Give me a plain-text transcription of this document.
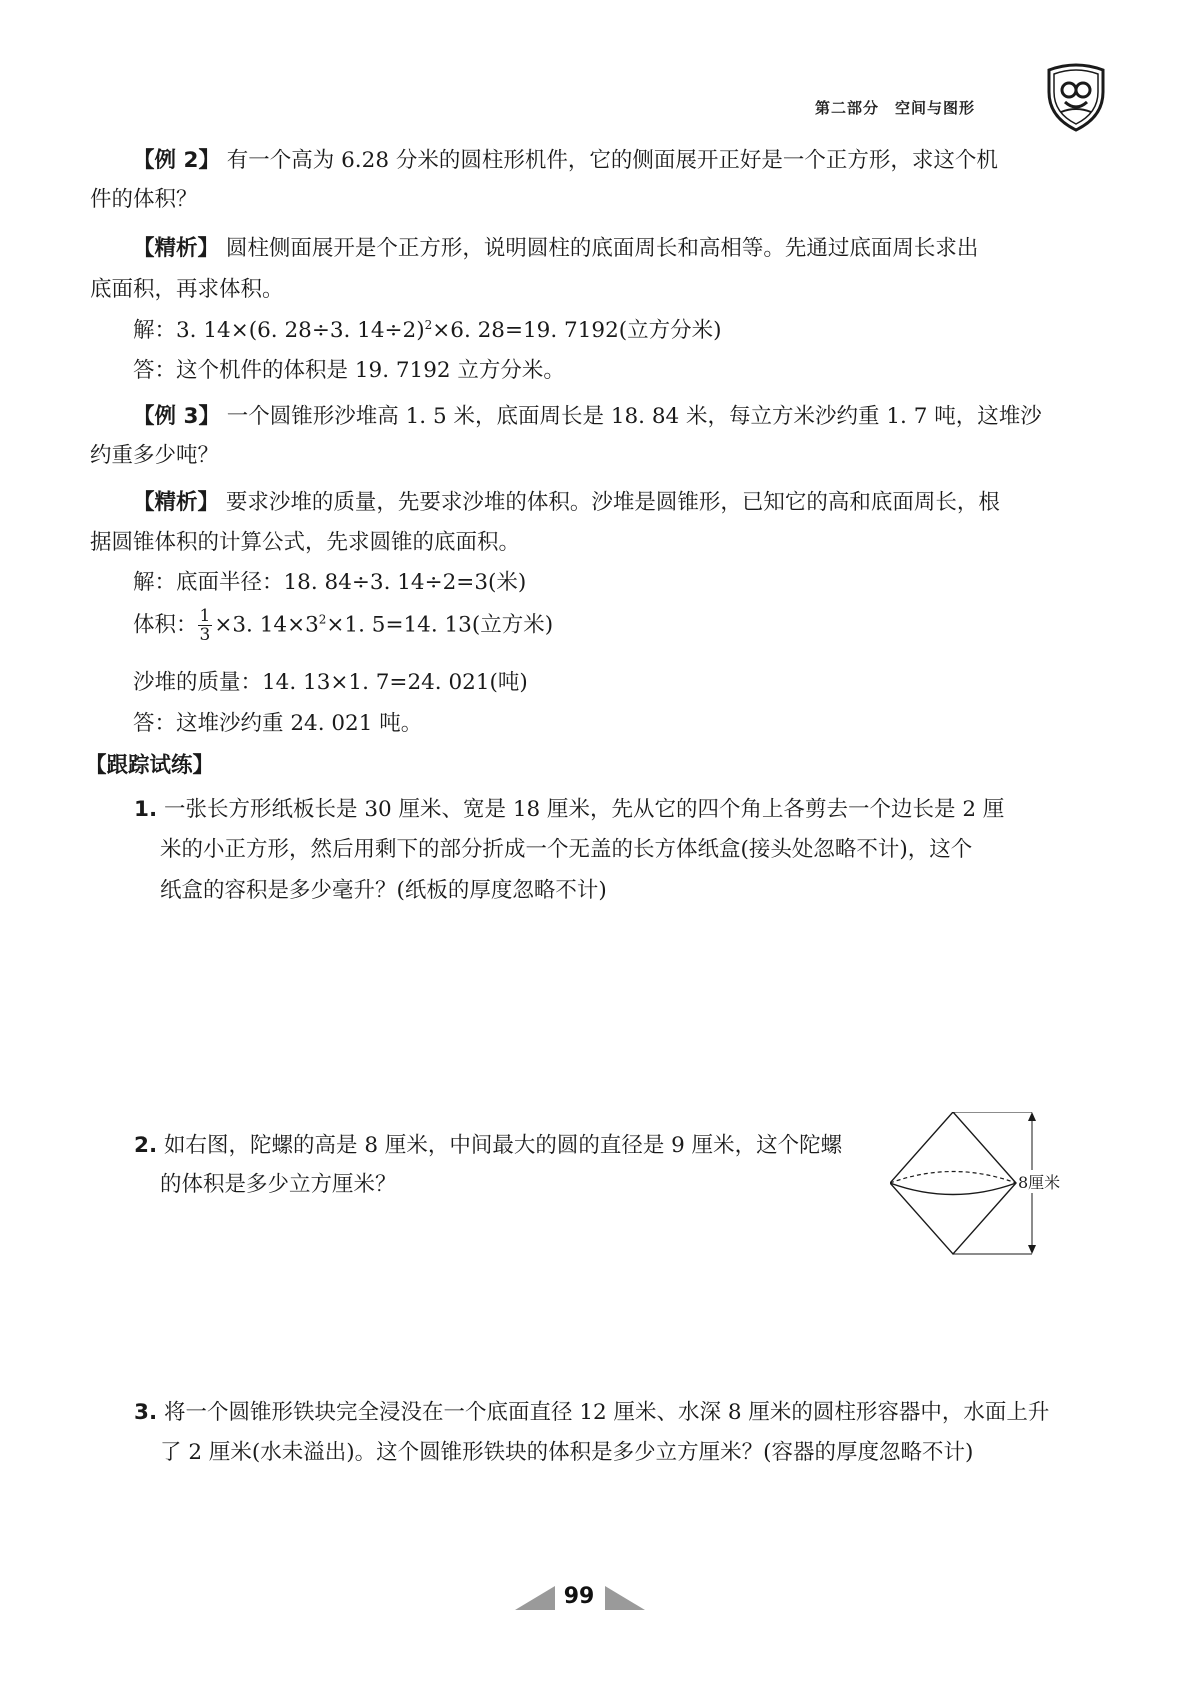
第二部分 空间与图形
【例 2】 有一个高为 6.28 分米的圆柱形机件，它的侧面展开正好是一个正方形，求这个机
件的体积？
【精析】 圆柱侧面展开是个正方形，说明圆柱的底面周长和高相等。先通过底面周长求出
底面积，再求体积。
解：3. 14×(6. 28÷3. 14÷2)$^2$×6. 28=19. 7192(立方分米)
答：这个机件的体积是 19. 7192 立方分米。
【例 3】 一个圆锥形沙堆高 1. 5 米，底面周长是 18. 84 米，每立方米沙约重 1. 7 吨，这堆沙
约重多少吨？
【精析】 要求沙堆的质量，先要求沙堆的体积。沙堆是圆锥形，已知它的高和底面周长，根
据圆锥体积的计算公式，先求圆锥的底面积。
解：底面半径：18. 84÷3. 14÷2=3(米)
体积： $\frac{1}{3} \times 3$. $14\times 3^2\times 1$. 5=14. 13(立方米)
沙堆的质量：14. 13×1. 7=24. 021(吨)
答：这堆沙约重 24. 021 吨。
【跟踪试练】
1. 一张长方形纸板长是 30 厘米、宽是 18 厘米，先从它的四个角上各剪去一个边长是 2 厘
米的小正方形，然后用剩下的部分折成一个无盖的长方体纸盒(接头处忽略不计)，这个
纸盒的容积是多少毫升？(纸板的厚度忽略不计)
2. 如右图，陀螺的高是 8 厘米，中间最大的圆的直径是 9 厘米，这个陀螺
的体积是多少立方厘米？	8厘米
3. 将一个圆锥形铁块完全浸没在一个底面直径 12 厘米、水深 8 厘米的圆柱形容器中，水面上升
了 2 厘米(水未溢出)。这个圆锥形铁块的体积是多少立方厘米？(容器的厚度忽略不计)
99
